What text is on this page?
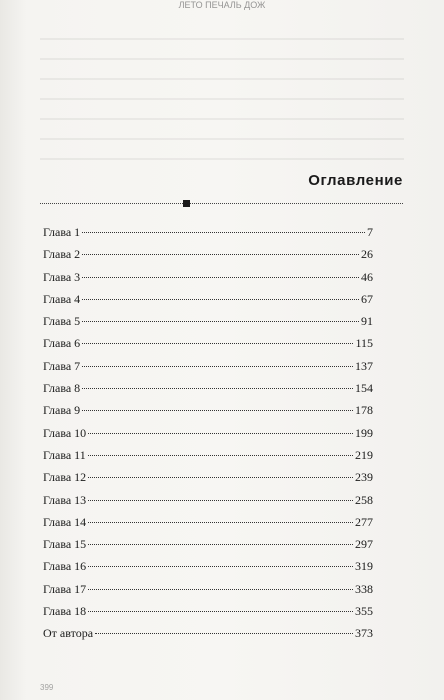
ЛЕТО ПЕЧАЛЬ ДОЖ
Оглавление
Глава 1	7
Глава 2	26
Глава 3	46
Глава 4	67
Глава 5	91
Глава 6	115
Глава 7	137
Глава 8	154
Глава 9	178
Глава 10	199
Глава 11	219
Глава 12	239
Глава 13	258
Глава 14	277
Глава 15	297
Глава 16	319
Глава 17	338
Глава 18	355
От автора	373
399
